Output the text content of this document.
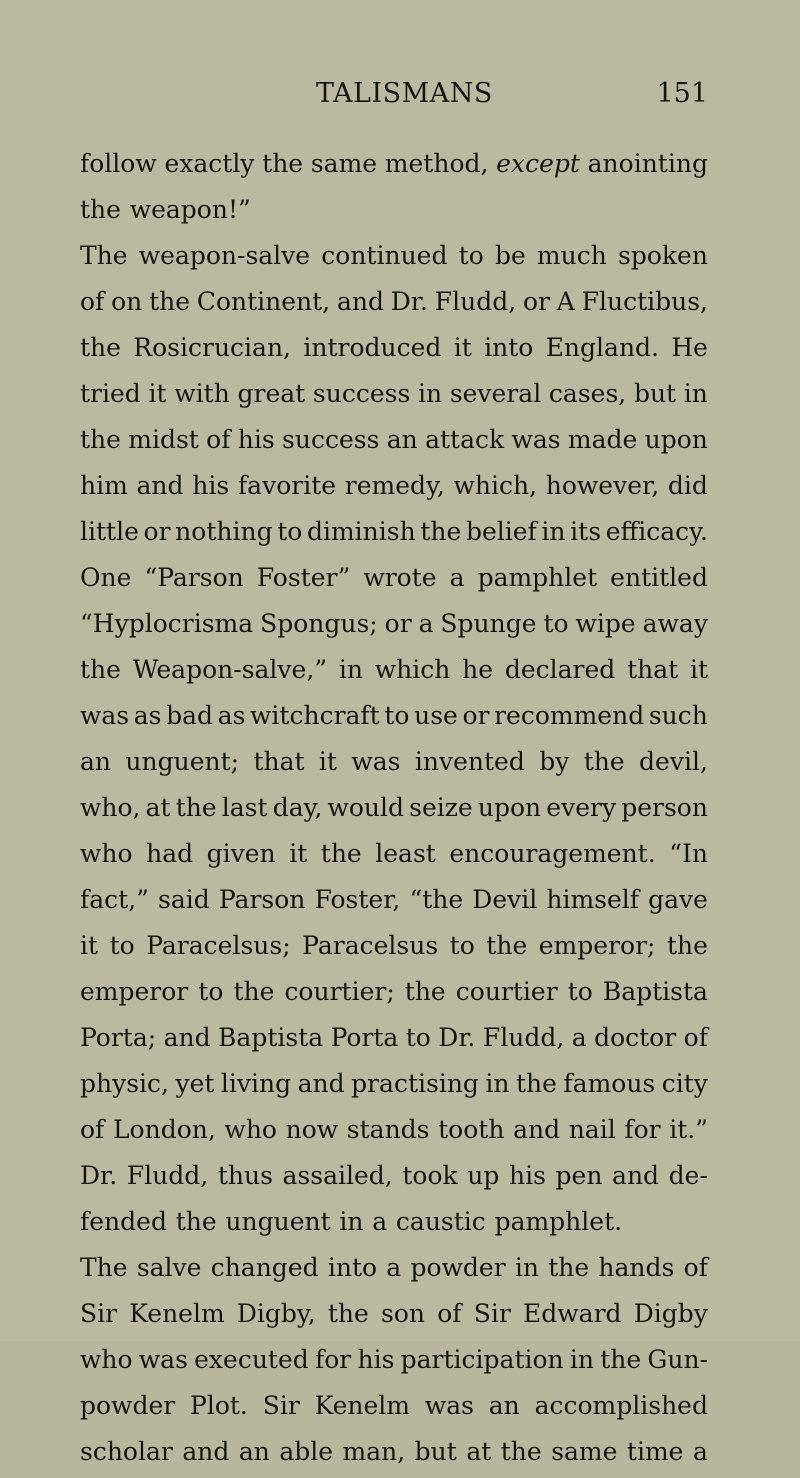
TALISMANS	151
follow exactly the same method, except anointing
the weapon!”
The weapon-salve continued to be much spoken
of on the Continent, and Dr. Fludd, or A Fluctibus,
the Rosicrucian, introduced it into England. He
tried it with great success in several cases, but in
the midst of his success an attack was made upon
him and his favorite remedy, which, however, did
little or nothing to diminish the belief in its efficacy.
One “Parson Foster” wrote a pamphlet entitled
“Hyplocrisma Spongus; or a Spunge to wipe away
the Weapon-salve,” in which he declared that it
was as bad as witchcraft to use or recommend such
an unguent; that it was invented by the devil,
who, at the last day, would seize upon every person
who had given it the least encouragement. “In
fact,” said Parson Foster, “the Devil himself gave
it to Paracelsus; Paracelsus to the emperor; the
emperor to the courtier; the courtier to Baptista
Porta; and Baptista Porta to Dr. Fludd, a doctor of
physic, yet living and practising in the famous city
of London, who now stands tooth and nail for it.”
Dr. Fludd, thus assailed, took up his pen and de-
fended the unguent in a caustic pamphlet.
The salve changed into a powder in the hands of
Sir Kenelm Digby, the son of Sir Edward Digby
who was executed for his participation in the Gun-
powder Plot. Sir Kenelm was an accomplished
scholar and an able man, but at the same time a
